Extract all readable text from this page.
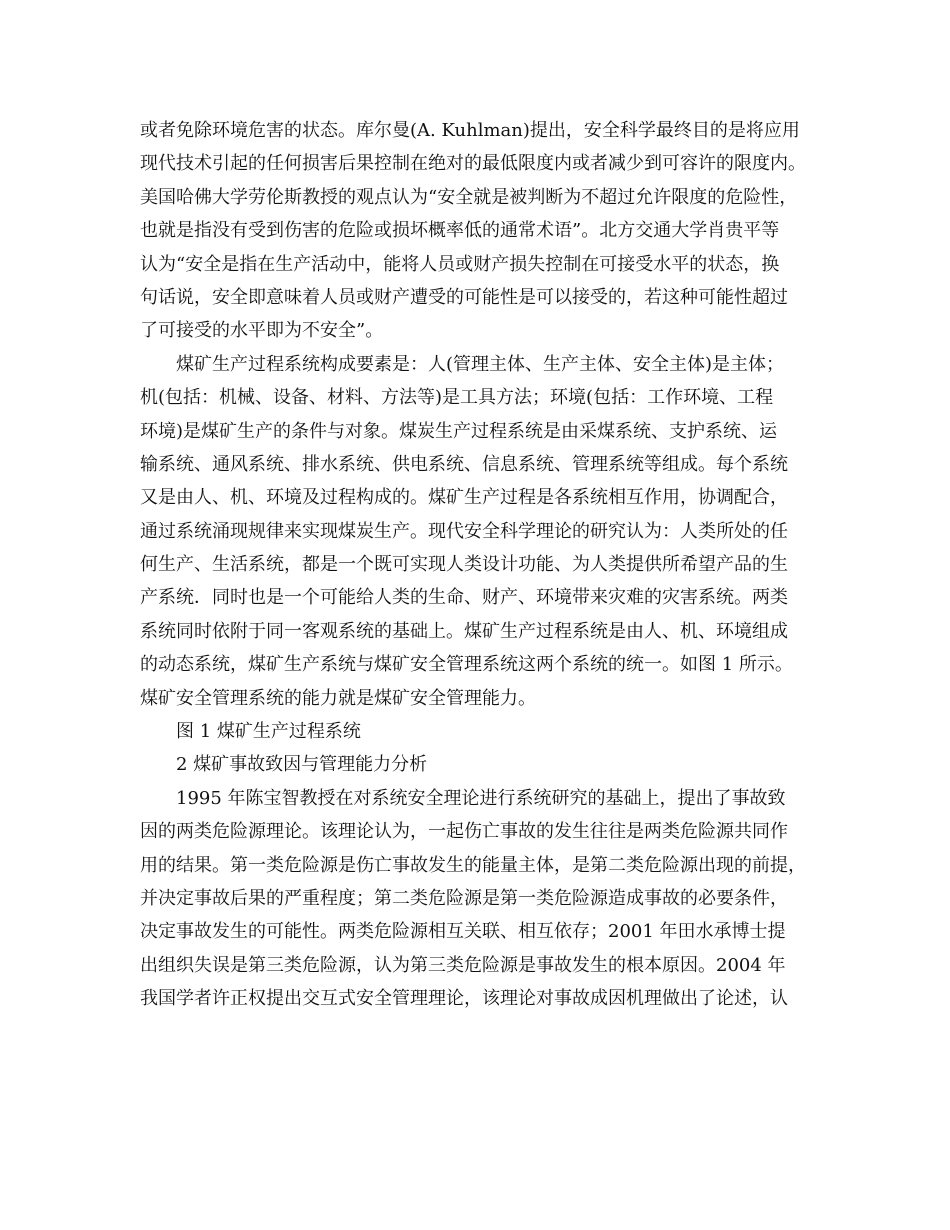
或者免除环境危害的状态。库尔曼(A. Kuhlman)提出，安全科学最终目的是将应用
现代技术引起的任何损害后果控制在绝对的最低限度内或者减少到可容许的限度内。
美国哈佛大学劳伦斯教授的观点认为“安全就是被判断为不超过允许限度的危险性，
也就是指没有受到伤害的危险或损坏概率低的通常术语”。北方交通大学肖贵平等
认为“安全是指在生产活动中，能将人员或财产损失控制在可接受水平的状态，换
句话说，安全即意味着人员或财产遭受的可能性是可以接受的，若这种可能性超过
了可接受的水平即为不安全”。
煤矿生产过程系统构成要素是：人(管理主体、生产主体、安全主体)是主体；
机(包括：机械、设备、材料、方法等)是工具方法；环境(包括：工作环境、工程
环境)是煤矿生产的条件与对象。煤炭生产过程系统是由采煤系统、支护系统、运
输系统、通风系统、排水系统、供电系统、信息系统、管理系统等组成。每个系统
又是由人、机、环境及过程构成的。煤矿生产过程是各系统相互作用，协调配合，
通过系统涌现规律来实现煤炭生产。现代安全科学理论的研究认为：人类所处的任
何生产、生活系统，都是一个既可实现人类设计功能、为人类提供所希望产品的生
产系统．同时也是一个可能给人类的生命、财产、环境带来灾难的灾害系统。两类
系统同时依附于同一客观系统的基础上。煤矿生产过程系统是由人、机、环境组成
的动态系统，煤矿生产系统与煤矿安全管理系统这两个系统的统一。如图 1 所示。
煤矿安全管理系统的能力就是煤矿安全管理能力。
图 1 煤矿生产过程系统
2 煤矿事故致因与管理能力分析
1995 年陈宝智教授在对系统安全理论进行系统研究的基础上，提出了事故致
因的两类危险源理论。该理论认为，一起伤亡事故的发生往往是两类危险源共同作
用的结果。第一类危险源是伤亡事故发生的能量主体，是第二类危险源出现的前提，
并决定事故后果的严重程度；第二类危险源是第一类危险源造成事故的必要条件，
决定事故发生的可能性。两类危险源相互关联、相互依存；2001 年田水承博士提
出组织失误是第三类危险源，认为第三类危险源是事故发生的根本原因。2004 年
我国学者许正权提出交互式安全管理理论，该理论对事故成因机理做出了论述，认
